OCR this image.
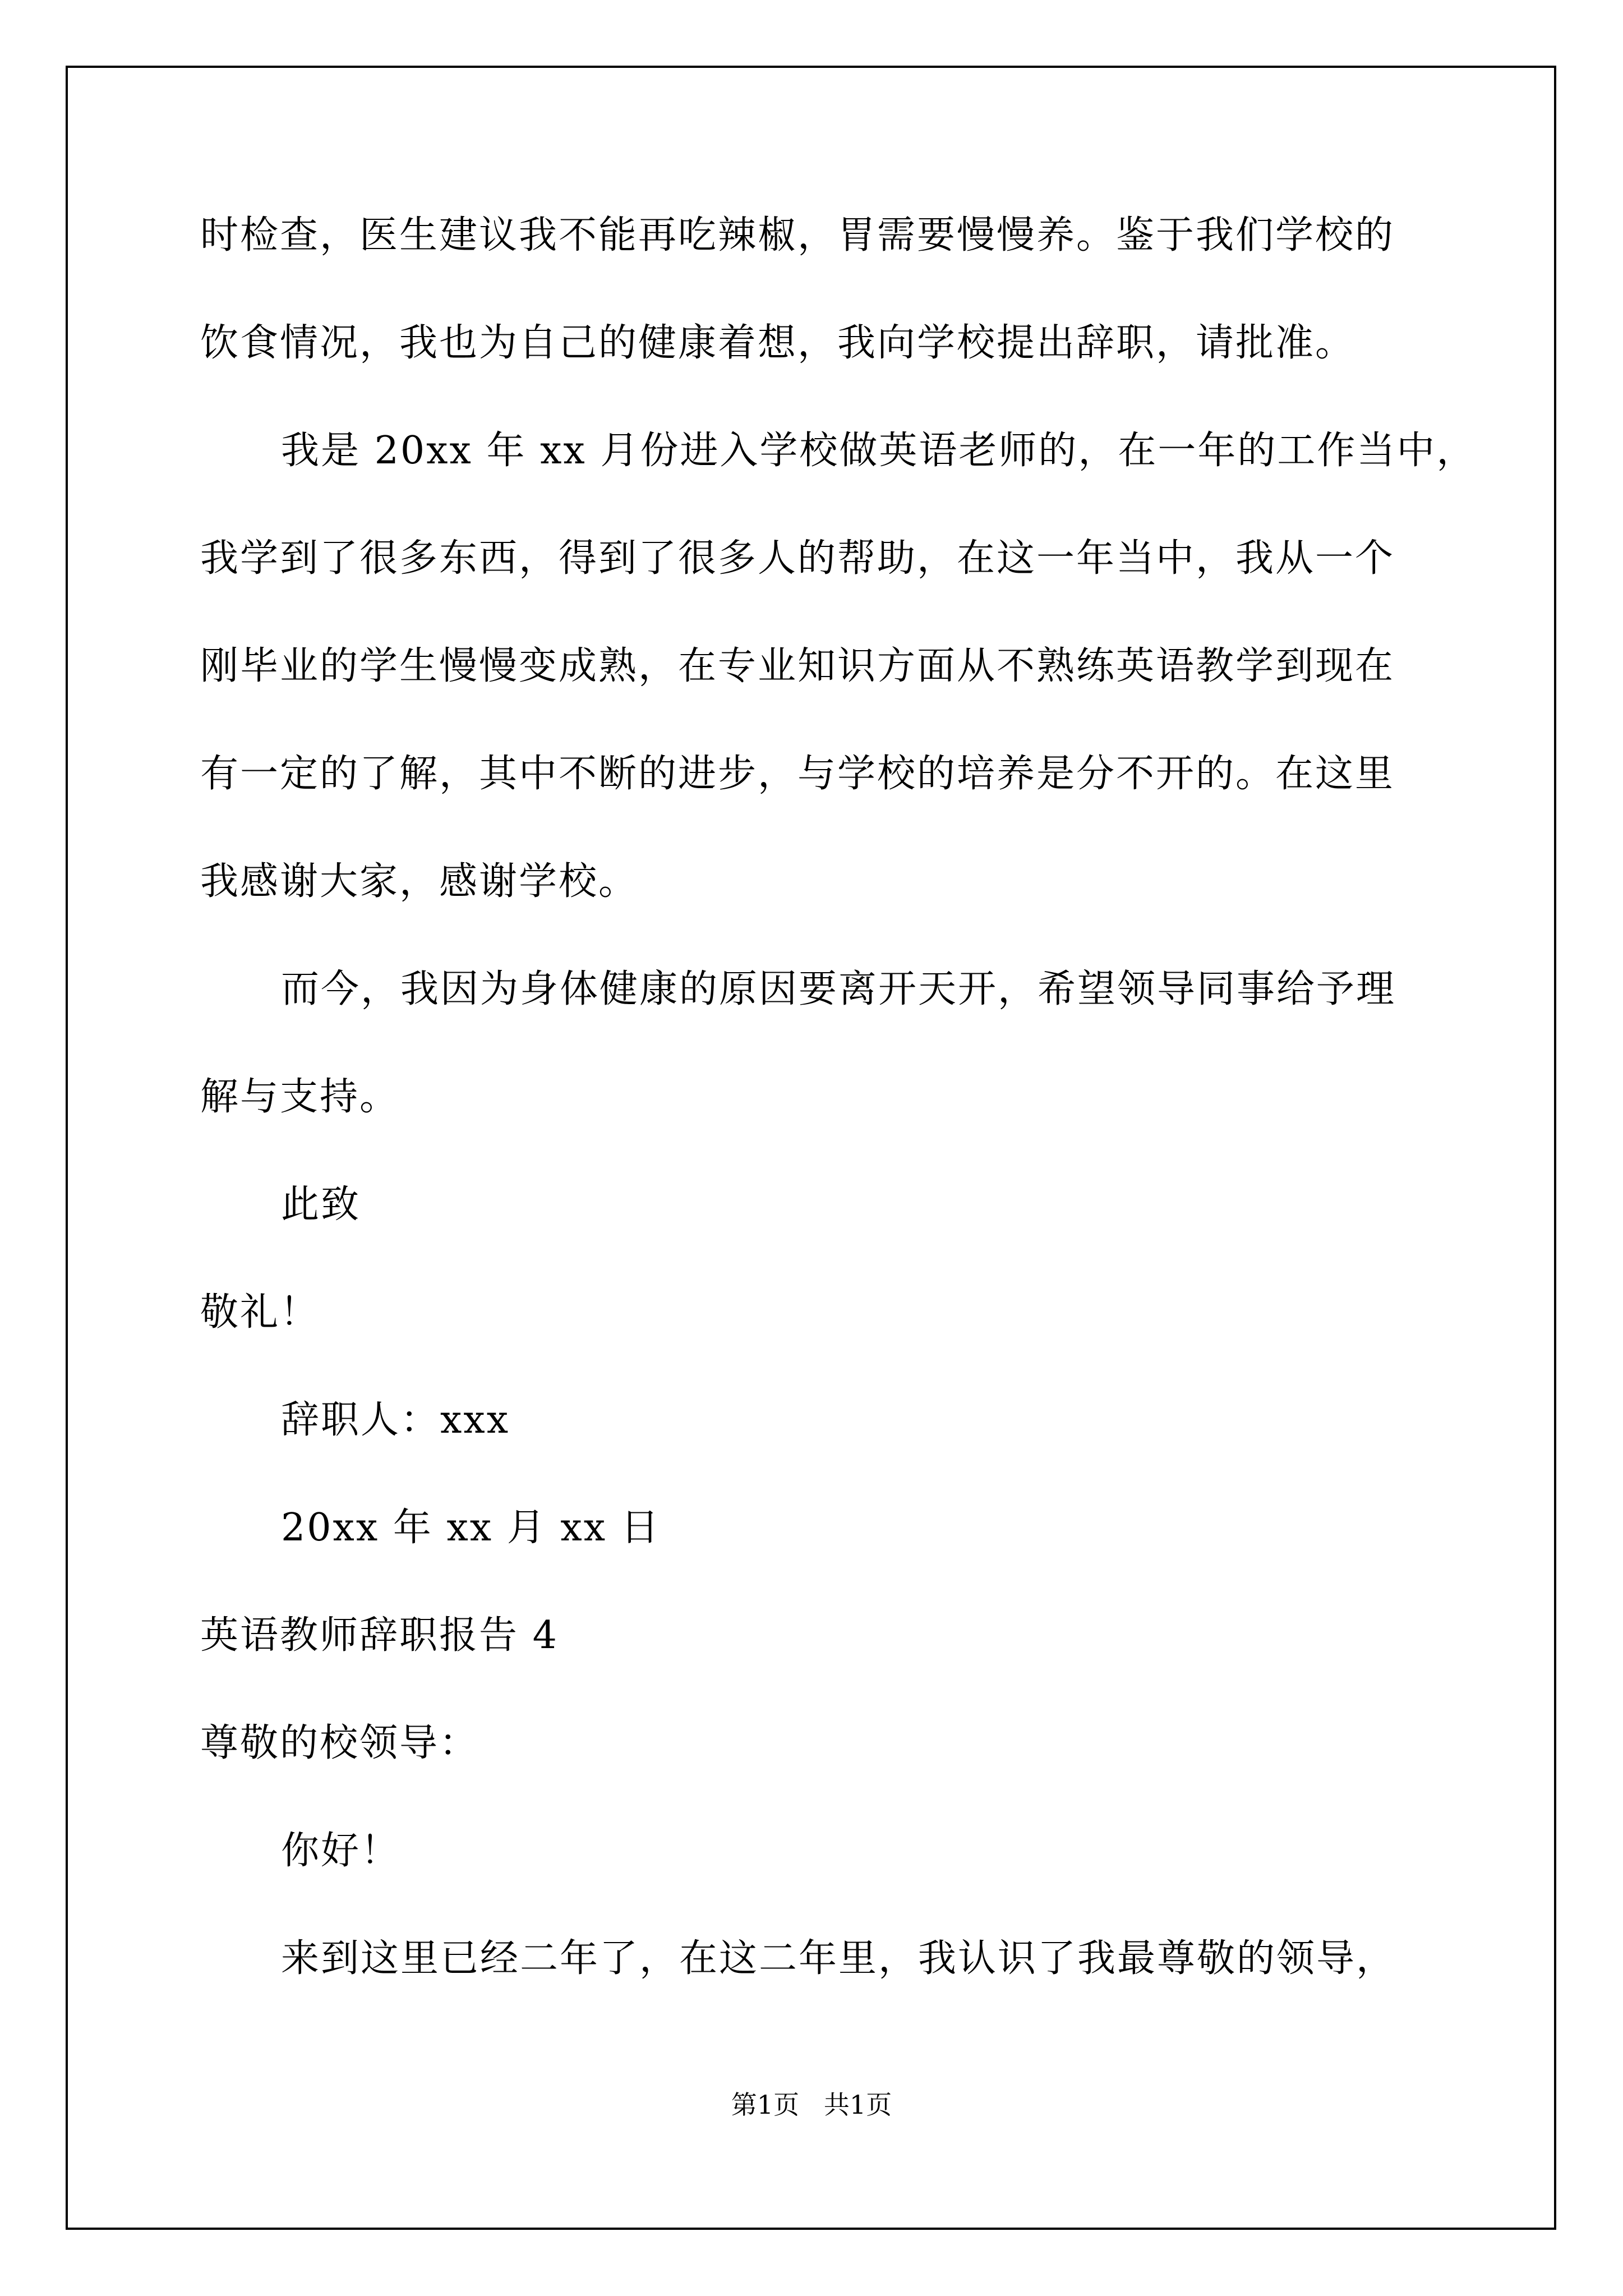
时检查，医生建议我不能再吃辣椒，胃需要慢慢养。鉴于我们学校的
饮食情况，我也为自己的健康着想，我向学校提出辞职，请批准。
我是 20xx 年 xx 月份进入学校做英语老师的，在一年的工作当中，
我学到了很多东西，得到了很多人的帮助，在这一年当中，我从一个
刚毕业的学生慢慢变成熟，在专业知识方面从不熟练英语教学到现在
有一定的了解，其中不断的进步，与学校的培养是分不开的。在这里
我感谢大家，感谢学校。
而今，我因为身体健康的原因要离开天开，希望领导同事给予理
解与支持。
此致
敬礼！
辞职人：xxx
20xx 年 xx 月 xx 日
英语教师辞职报告 4
尊敬的校领导：
你好！
来到这里已经二年了，在这二年里，我认识了我最尊敬的领导，
第1页   共1页
